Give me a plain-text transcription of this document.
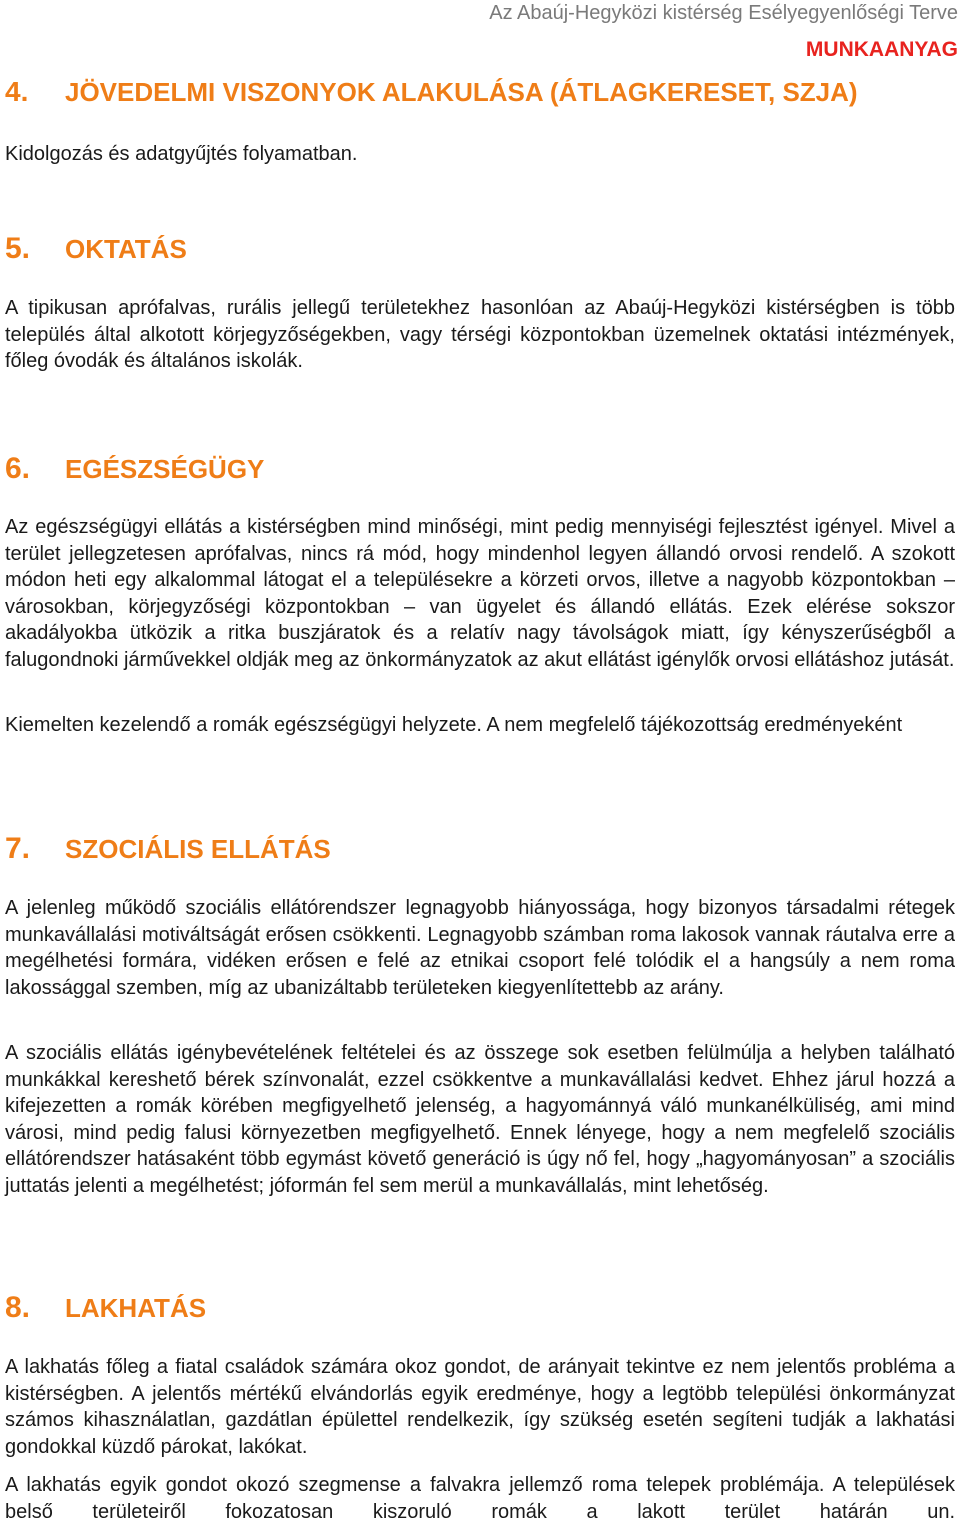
Az Abaúj-Hegyközi kistérség Esélyegyenlőségi Terve
MUNKAANYAG
4. JÖVEDELMI VISZONYOK ALAKULÁSA (ÁTLAGKERESET, SZJA)

Kidolgozás és adatgyűjtés folyamatban.

5. OKTATÁS

A tipikusan aprófalvas, rurális jellegű területekhez hasonlóan az Abaúj-Hegyközi kistérségben is több település által alkotott körjegyzőségekben, vagy térségi központokban üzemelnek oktatási intézmények, főleg óvodák és általános iskolák.

6. EGÉSZSÉGÜGY

Az egészségügyi ellátás a kistérségben mind minőségi, mint pedig mennyiségi fejlesztést igényel. Mivel a terület jellegzetesen aprófalvas, nincs rá mód, hogy mindenhol legyen állandó orvosi rendelő. A szokott módon heti egy alkalommal látogat el a településekre a körzeti orvos, illetve a nagyobb központokban – városokban, körjegyzőségi központokban – van ügyelet és állandó ellátás. Ezek elérése sokszor akadályokba ütközik a ritka buszjáratok és a relatív nagy távolságok miatt, így kényszerűségből a falugondnoki járművekkel oldják meg az önkormányzatok az akut ellátást igénylők orvosi ellátáshoz jutását.

Kiemelten kezelendő a romák egészségügyi helyzete. A nem megfelelő tájékozottság eredményeként

7. SZOCIÁLIS ELLÁTÁS

A jelenleg működő szociális ellátórendszer legnagyobb hiányossága, hogy bizonyos társadalmi rétegek munkavállalási motiváltságát erősen csökkenti. Legnagyobb számban roma lakosok vannak ráutalva erre a megélhetési formára, vidéken erősen e felé az etnikai csoport felé tolódik el a hangsúly a nem roma lakossággal szemben, míg az ubanizáltabb területeken kiegyenlítettebb az arány.

A szociális ellátás igénybevételének feltételei és az összege sok esetben felülmúlja a helyben található munkákkal kereshető bérek színvonalát, ezzel csökkentve a munkavállalási kedvet. Ehhez járul hozzá a kifejezetten a romák körében megfigyelhető jelenség, a hagyománnyá váló munkanélküliség, ami mind városi, mind pedig falusi környezetben megfigyelhető. Ennek lényege, hogy a nem megfelelő szociális ellátórendszer hatásaként több egymást követő generáció is úgy nő fel, hogy „hagyományosan” a szociális juttatás jelenti a megélhetést; jóformán fel sem merül a munkavállalás, mint lehetőség.

8. LAKHATÁS

A lakhatás főleg a fiatal családok számára okoz gondot, de arányait tekintve ez nem jelentős probléma a kistérségben. A jelentős mértékű elvándorlás egyik eredménye, hogy a legtöbb települési önkormányzat számos kihasználatlan, gazdátlan épülettel rendelkezik, így szükség esetén segíteni tudják a lakhatási gondokkal küzdő párokat, lakókat.

A lakhatás egyik gondot okozó szegmense a falvakra jellemző roma telepek problémája. A települések belső területeiről fokozatosan kiszoruló romák a lakott terület határán un.
